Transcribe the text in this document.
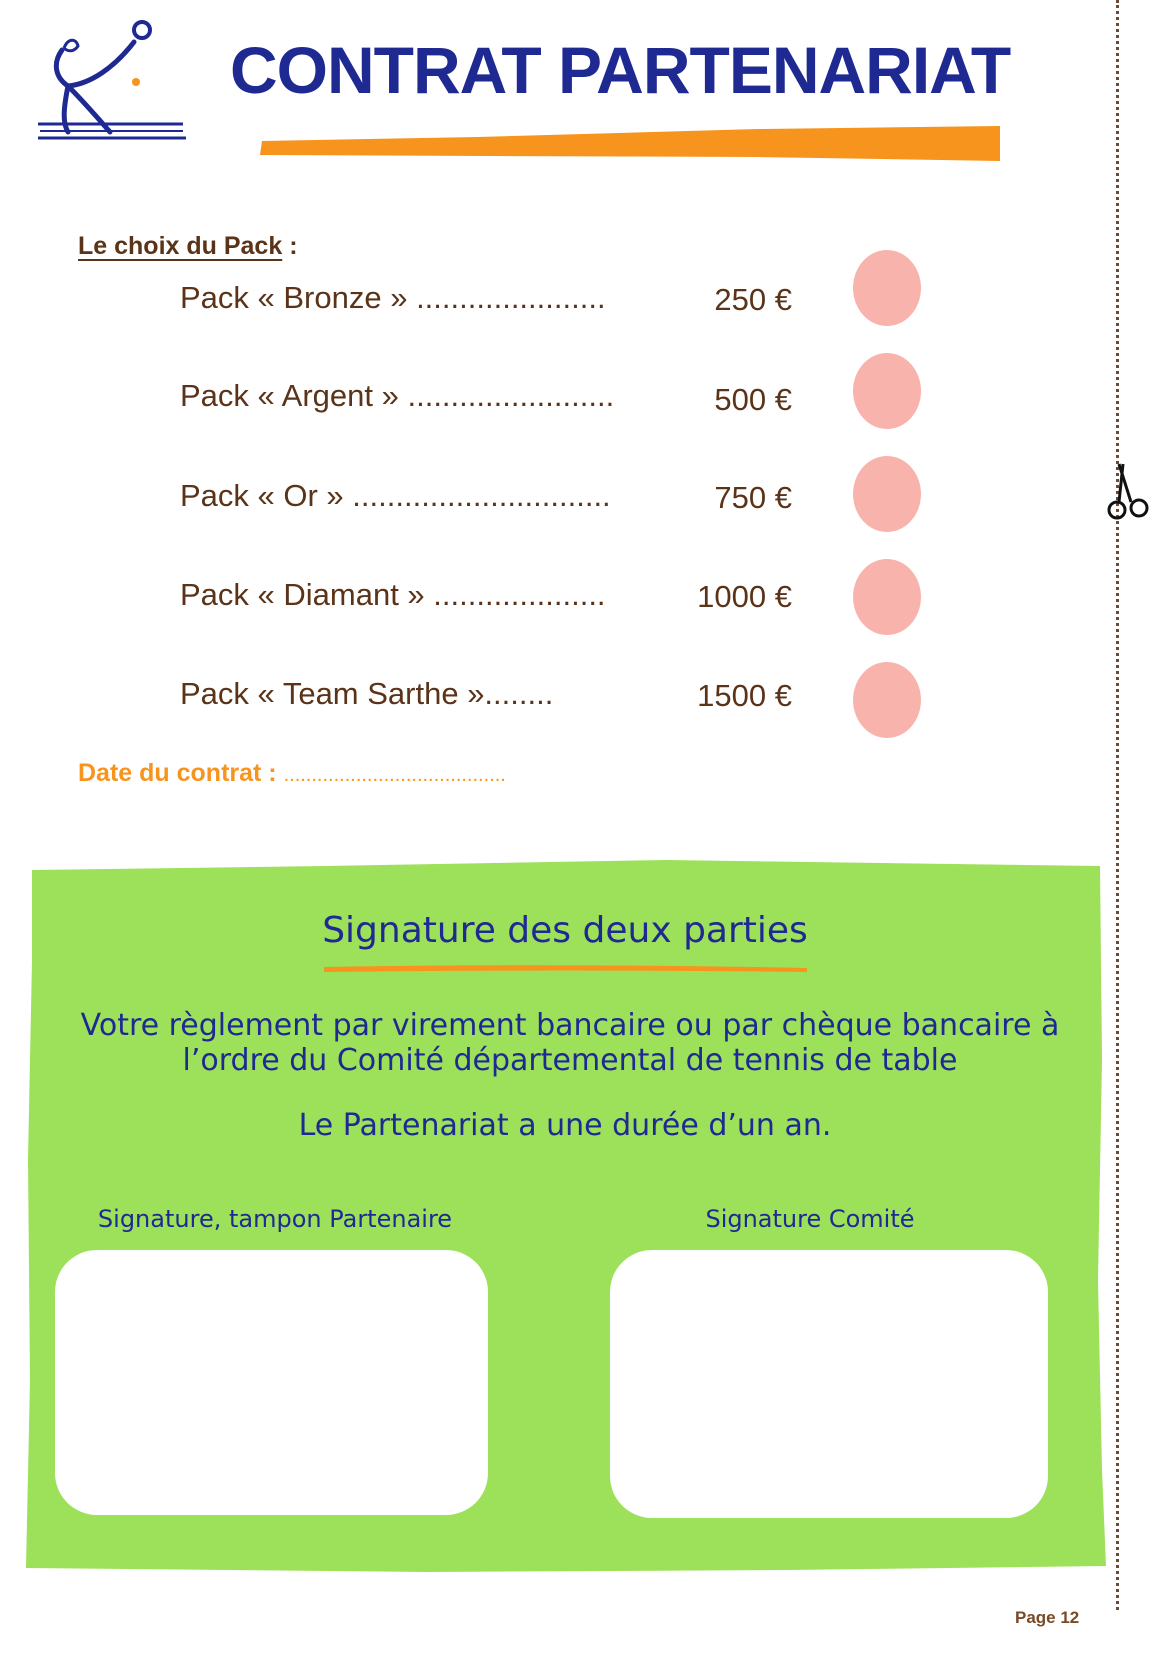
CONTRAT PARTENARIAT
Le choix du Pack :
Pack « Bronze » ......................	250 €
Pack « Argent » ........................	500 €
Pack « Or » ..............................	750 €
Pack « Diamant » ....................	1000 €
Pack « Team Sarthe »........	1500 €
Date du contrat : ........................................
Signature des deux parties
Votre règlement par virement bancaire ou par chèque bancaire à l’ordre du Comité départemental de tennis de table
Le Partenariat a une durée d’un an.
Signature, tampon Partenaire	Signature Comité
Page 12
